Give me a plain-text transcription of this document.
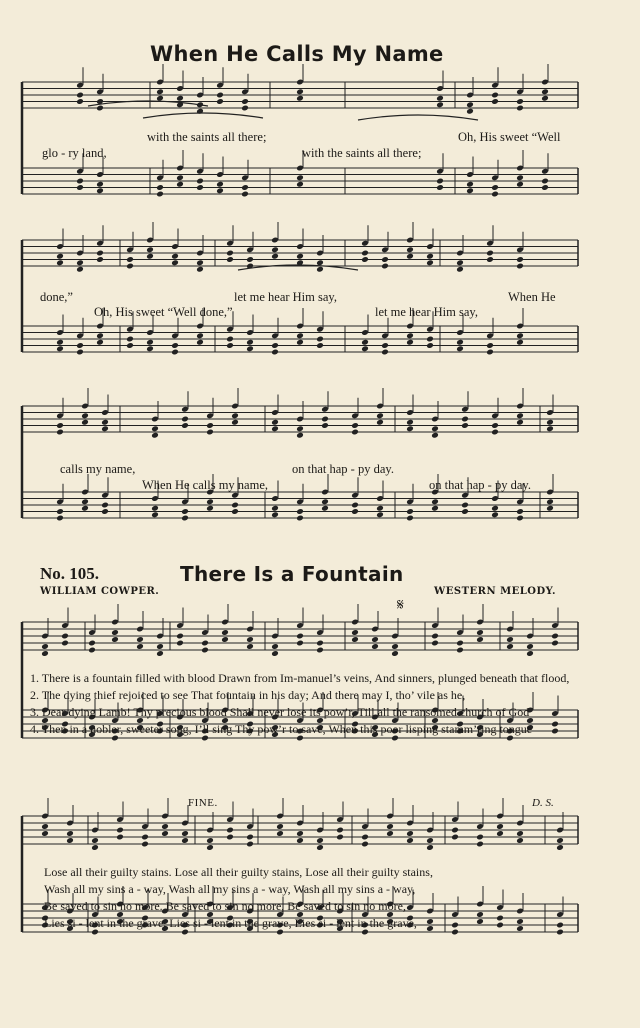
When He Calls My Name
with the saints all there;	Oh, His sweet “Well
glo - ry land,	with the saints all there;
done,”	let me hear Him say,	When He
Oh, His sweet “Well done,”	let me hear Him say,
calls my name,	on that hap - py day.
When He calls my name,	on that hap - py day.
No. 105.	There Is a Fountain
WILLIAM COWPER.	WESTERN MELODY.
𝄋
1. There is a fountain filled with blood Drawn from Im-manuel’s veins, And sinners, plunged beneath that flood,
2. The dying thief rejoiced to see That fountain in his day; And there may I, tho’ vile as he,
3. Dear dying Lamb! Thy precious blood Shall never lose its pow’r, Till all the ransomed church of God
4. Then in a nobler, sweeter song, I’ll sing Thy pow’r to save, When this poor lisping stamm’ring tongue
FINE.	D. S.
Lose all their guilty stains. Lose all their guilty stains, Lose all their guilty stains,
Wash all my sins a - way, Wash all my sins a - way, Wash all my sins a - way,
Be saved to sin no more. Be saved to sin no more, Be saved to sin no more,
Lies si - lent in the grave. Lies si - lent in the grave, Lies si - lent in the grave,
